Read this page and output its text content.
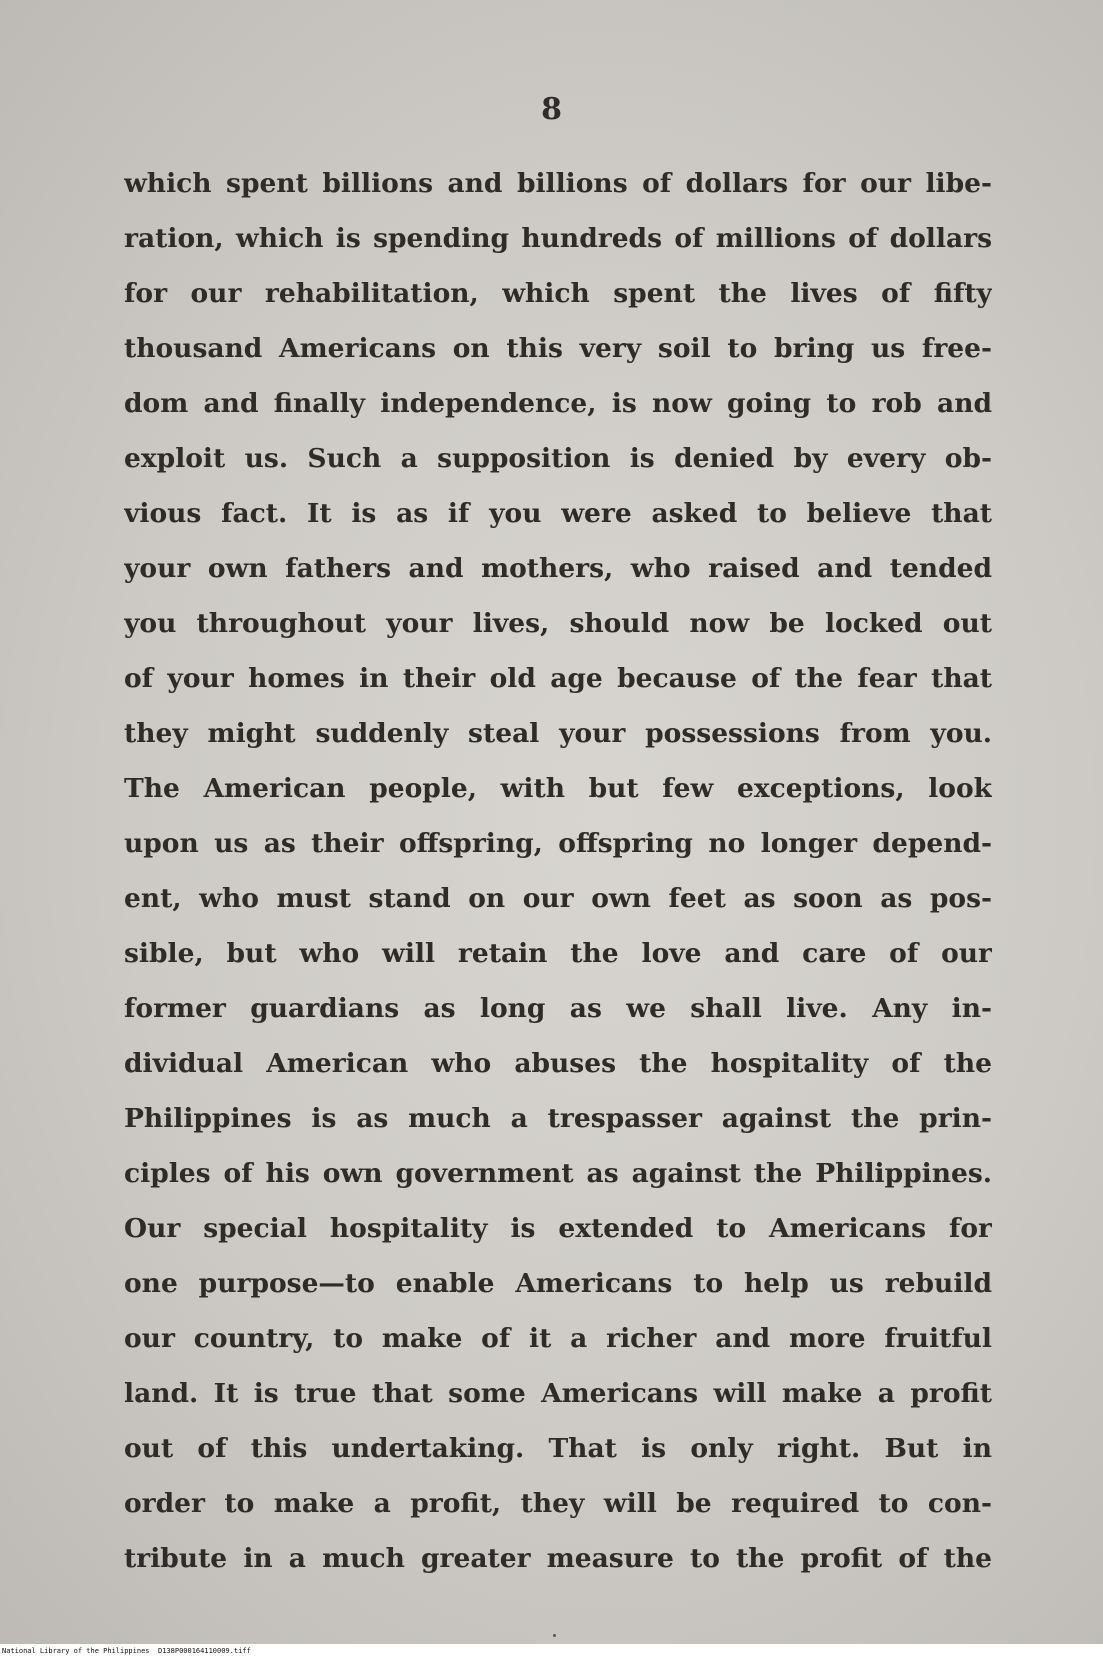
8
which spent billions and billions of dollars for our libe-
ration, which is spending hundreds of millions of dollars
for our rehabilitation, which spent the lives of fifty
thousand Americans on this very soil to bring us free-
dom and finally independence, is now going to rob and
exploit us. Such a supposition is denied by every ob-
vious fact. It is as if you were asked to believe that
your own fathers and mothers, who raised and tended
you throughout your lives, should now be locked out
of your homes in their old age because of the fear that
they might suddenly steal your possessions from you.
The American people, with but few exceptions, look
upon us as their offspring, offspring no longer depend-
ent, who must stand on our own feet as soon as pos-
sible, but who will retain the love and care of our
former guardians as long as we shall live. Any in-
dividual American who abuses the hospitality of the
Philippines is as much a trespasser against the prin-
ciples of his own government as against the Philippines.
Our special hospitality is extended to Americans for
one purpose—to enable Americans to help us rebuild
our country, to make of it a richer and more fruitful
land. It is true that some Americans will make a profit
out of this undertaking. That is only right. But in
order to make a profit, they will be required to con-
tribute in a much greater measure to the profit of the
National Library of the Philippines D138P000164110009.tiff
